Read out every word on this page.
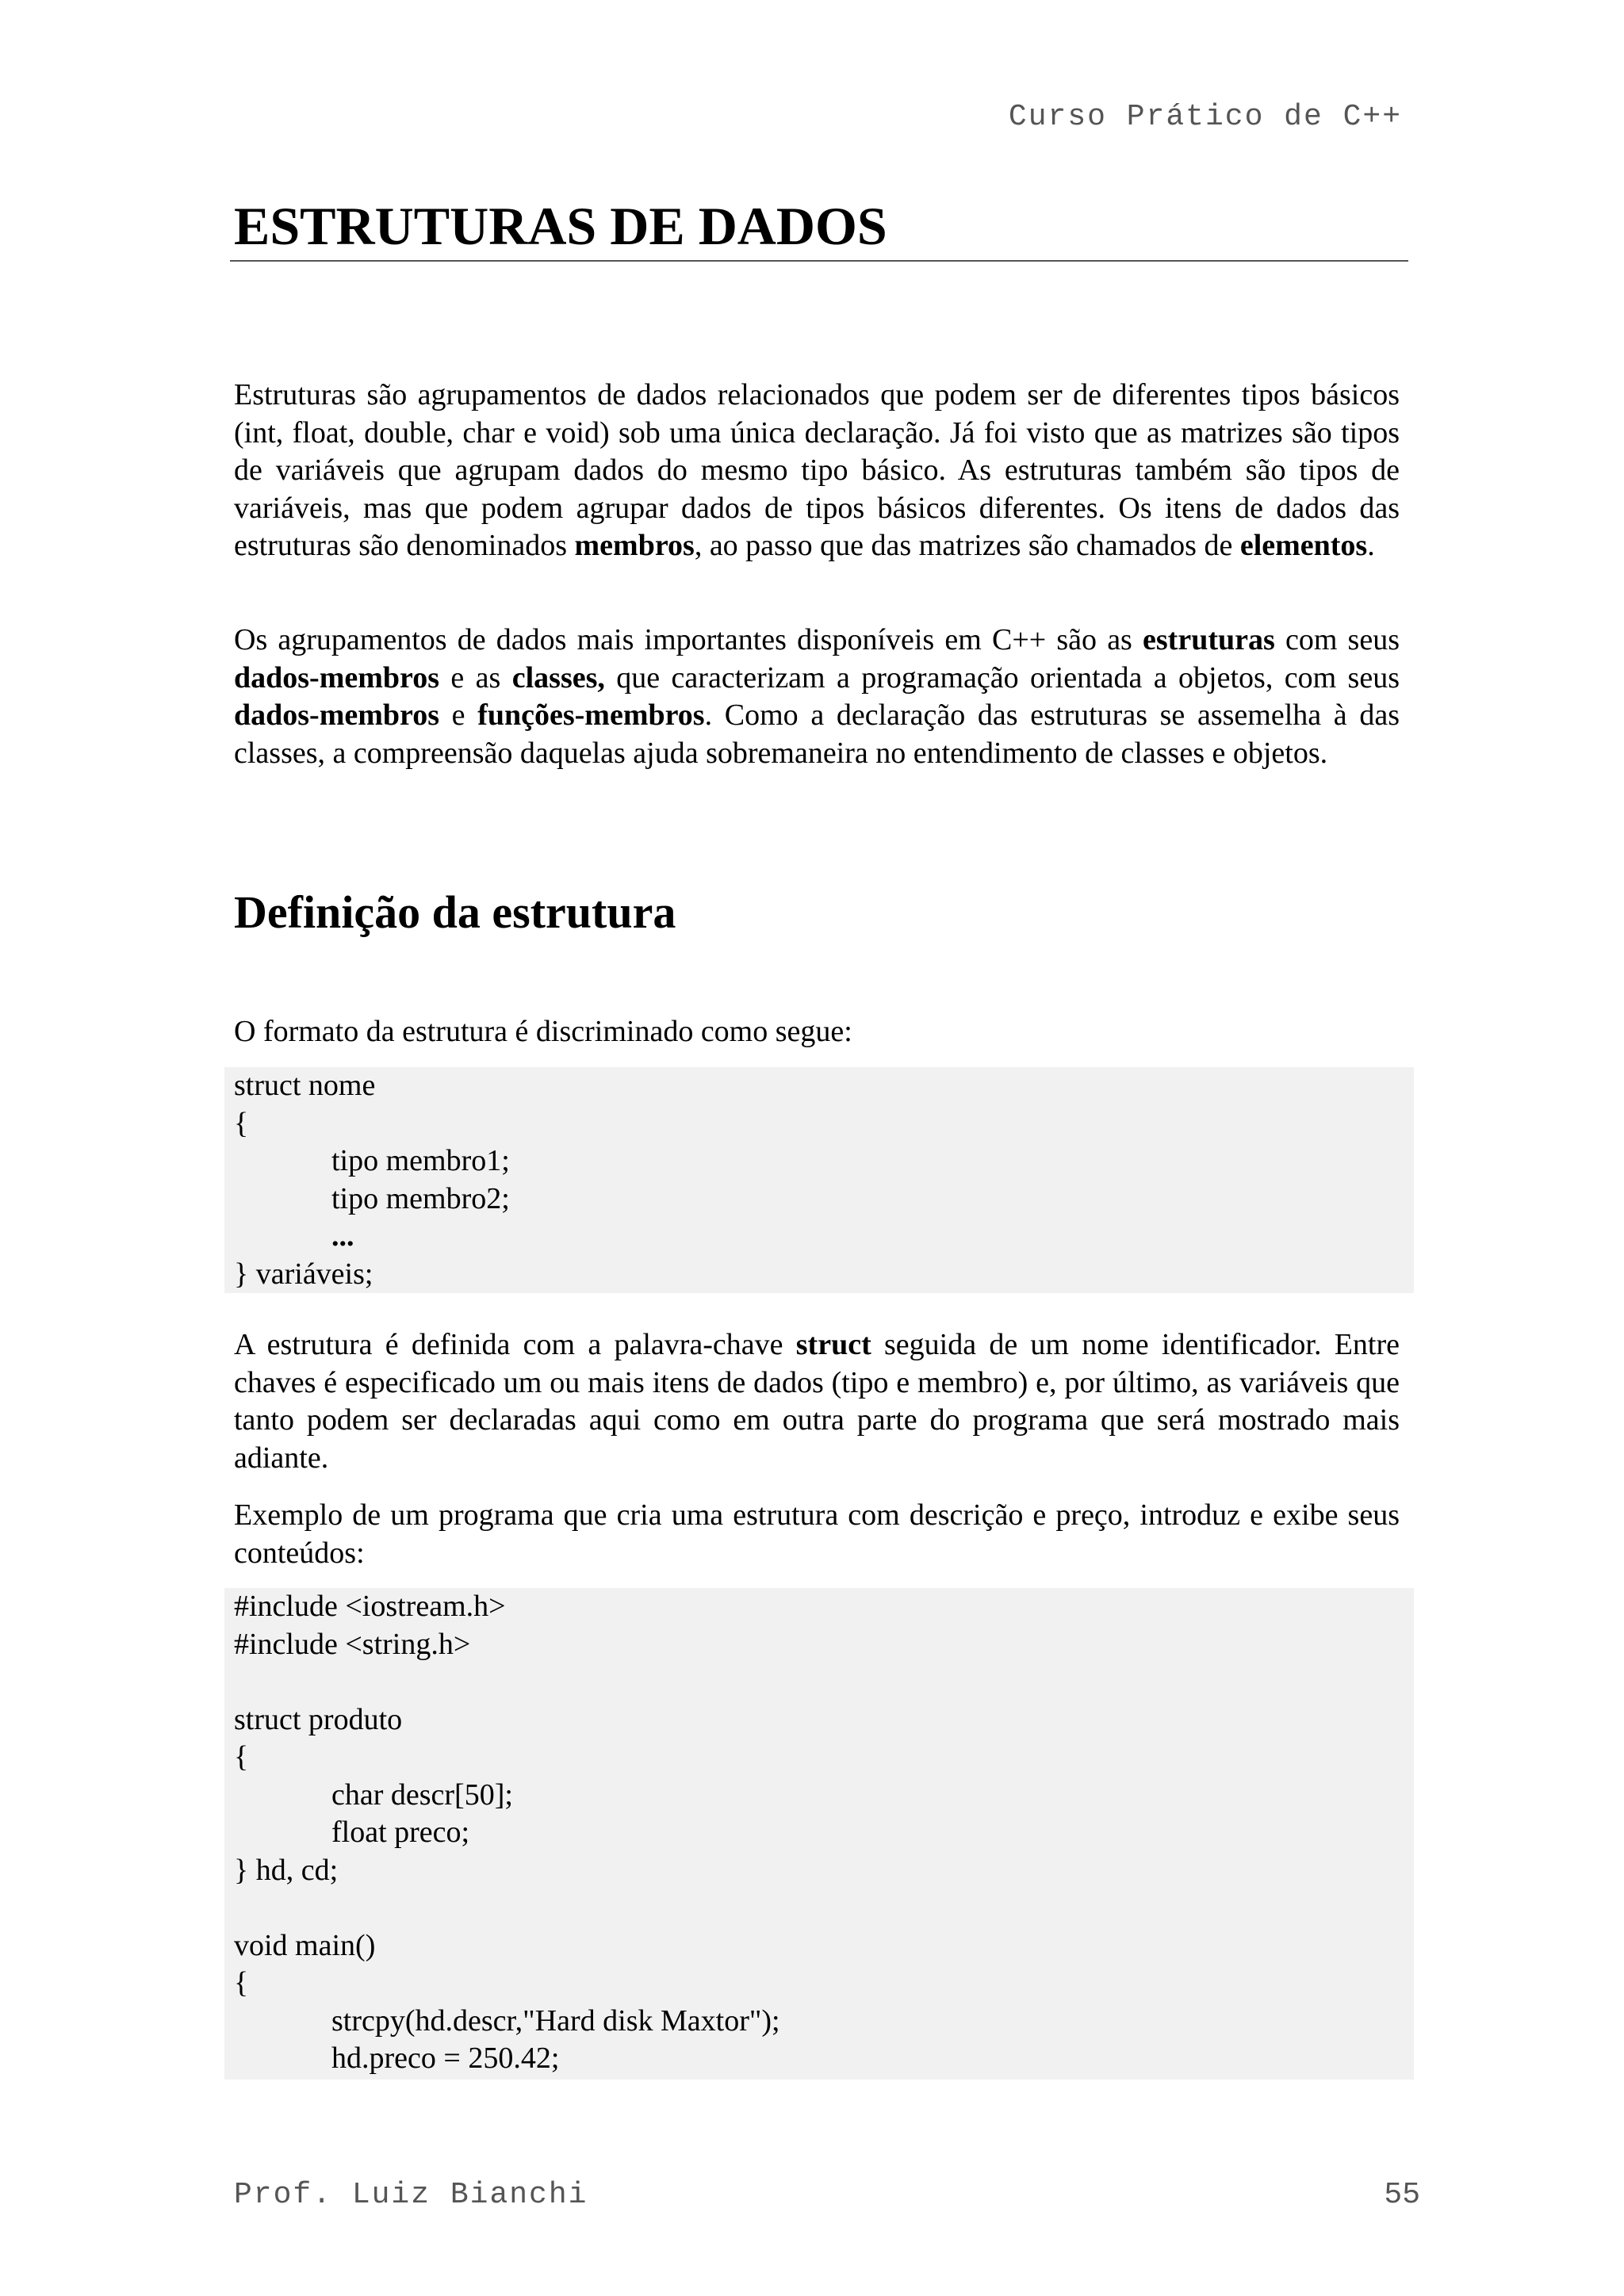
Curso Prático de C++
ESTRUTURAS DE DADOS

Estruturas são agrupamentos de dados relacionados que podem ser de diferentes tipos básicos (int, float, double, char e void) sob uma única declaração. Já foi visto que as matrizes são tipos de variáveis que agrupam dados do mesmo tipo básico. As estruturas também são tipos de variáveis, mas que podem agrupar dados de tipos básicos diferentes. Os itens de dados das estruturas são denominados membros, ao passo que das matrizes são chamados de elementos.

Os agrupamentos de dados mais importantes disponíveis em C++ são as estruturas com seus dados-membros e as classes, que caracterizam a programação orientada a objetos, com seus dados-membros e funções-membros. Como a declaração das estruturas se assemelha à das classes, a compreensão daquelas ajuda sobremaneira no entendimento de classes e objetos.

Definição da estrutura

O formato da estrutura é discriminado como segue:

struct nome
{
tipo membro1;
tipo membro2;
...
} variáveis;

A estrutura é definida com a palavra-chave struct seguida de um nome identificador. Entre chaves é especificado um ou mais itens de dados (tipo e membro) e, por último, as variáveis que tanto podem ser declaradas aqui como em outra parte do programa que será mostrado mais adiante.

Exemplo de um programa que cria uma estrutura com descrição e preço, introduz e exibe seus conteúdos:

#include <iostream.h>
#include <string.h>
struct produto
{
char descr[50];
float preco;
} hd, cd;
void main()
{
strcpy(hd.descr,"Hard disk Maxtor");
hd.preco = 250.42;
Prof. Luiz Bianchi	55
